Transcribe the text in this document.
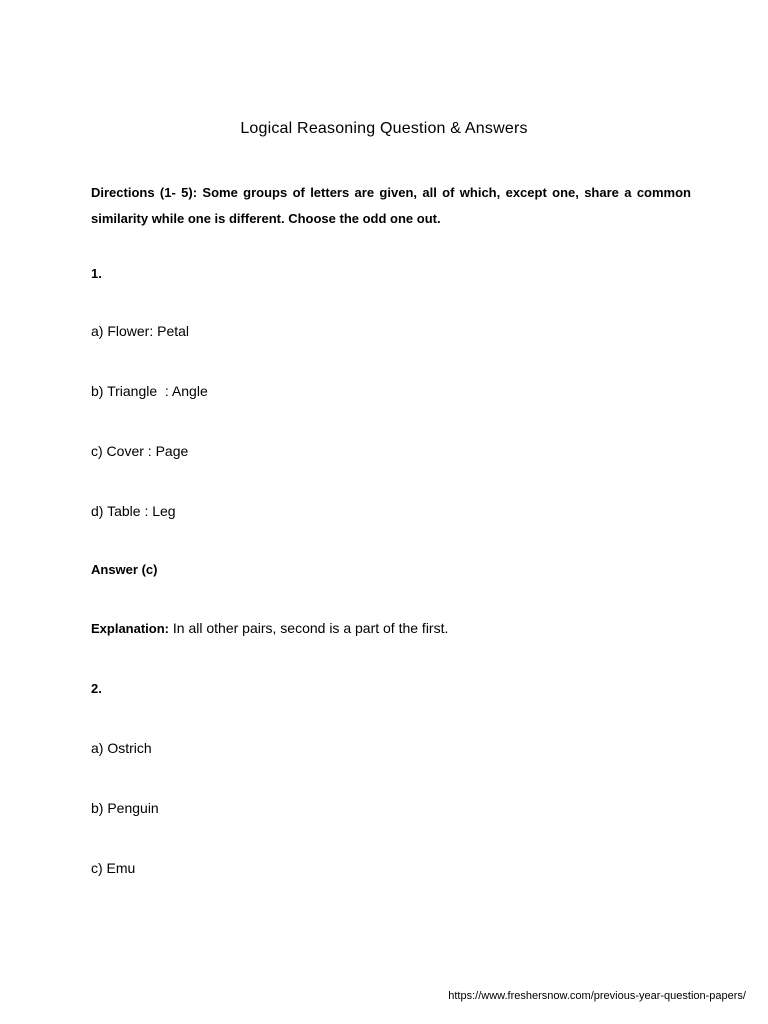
Logical Reasoning Question & Answers
Directions (1- 5): Some groups of letters are given, all of which, except one, share a common similarity while one is different. Choose the odd one out.
1.
a) Flower: Petal
b) Triangle  : Angle
c) Cover : Page
d) Table : Leg
Answer (c)
Explanation: In all other pairs, second is a part of the first.
2.
a) Ostrich
b) Penguin
c) Emu
https://www.freshersnow.com/previous-year-question-papers/
